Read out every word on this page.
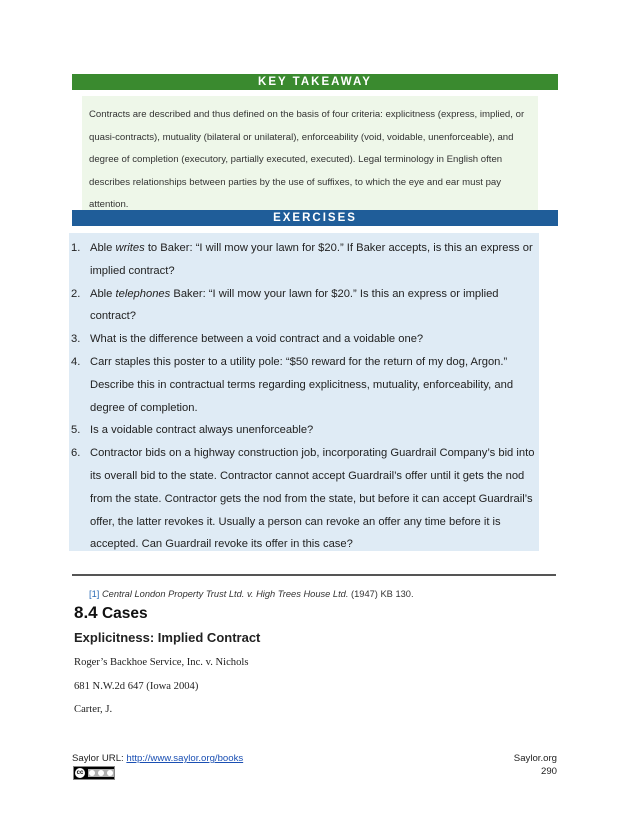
KEY TAKEAWAY

Contracts are described and thus defined on the basis of four criteria: explicitness (express, implied, or quasi-contracts), mutuality (bilateral or unilateral), enforceability (void, voidable, unenforceable), and degree of completion (executory, partially executed, executed). Legal terminology in English often describes relationships between parties by the use of suffixes, to which the eye and ear must pay attention.

EXERCISES
1. Able writes to Baker: “I will mow your lawn for $20.” If Baker accepts, is this an express or implied contract?
2. Able telephones Baker: “I will mow your lawn for $20.” Is this an express or implied contract?
3. What is the difference between a void contract and a voidable one?
4. Carr staples this poster to a utility pole: “$50 reward for the return of my dog, Argon.” Describe this in contractual terms regarding explicitness, mutuality, enforceability, and degree of completion.
5. Is a voidable contract always unenforceable?
6. Contractor bids on a highway construction job, incorporating Guardrail Company’s bid into its overall bid to the state. Contractor cannot accept Guardrail’s offer until it gets the nod from the state. Contractor gets the nod from the state, but before it can accept Guardrail’s offer, the latter revokes it. Usually a person can revoke an offer any time before it is accepted. Can Guardrail revoke its offer in this case?
[1] Central London Property Trust Ltd. v. High Trees House Ltd. (1947) KB 130.
8.4 Cases
Explicitness: Implied Contract
Roger’s Backhoe Service, Inc. v. Nichols
681 N.W.2d 647 (Iowa 2004)
Carter, J.
Saylor URL: http://www.saylor.org/books
cc
Saylor.org
290
